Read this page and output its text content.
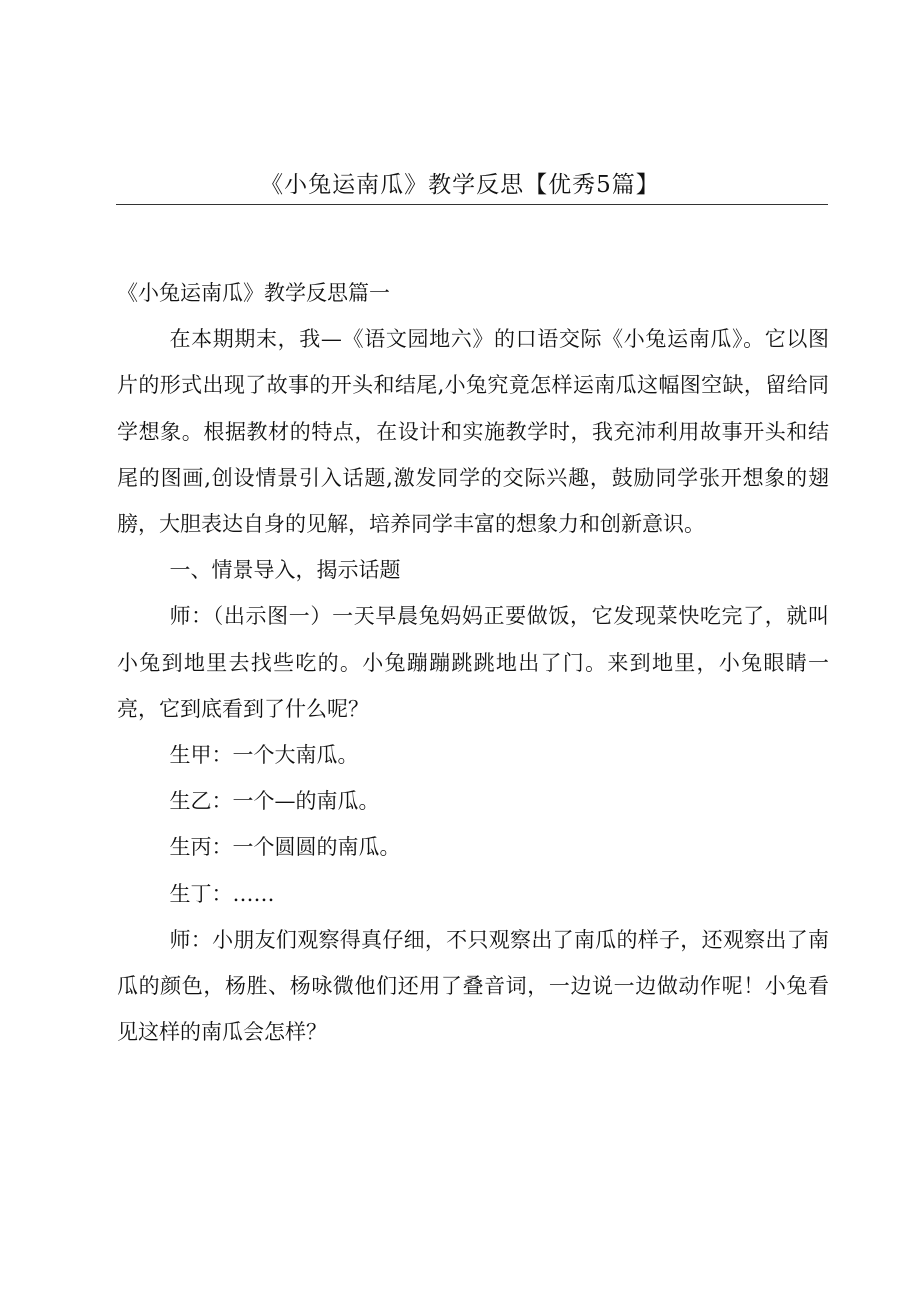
《小兔运南瓜》教学反思【优秀5篇】

《小兔运南瓜》教学反思篇一

在本期期末，我—《语文园地六》的口语交际《小兔运南瓜》。它以图片的形式出现了故事的开头和结尾,小兔究竟怎样运南瓜这幅图空缺，留给同学想象。根据教材的特点，在设计和实施教学时，我充沛利用故事开头和结尾的图画,创设情景引入话题,激发同学的交际兴趣，鼓励同学张开想象的翅膀，大胆表达自身的见解，培养同学丰富的想象力和创新意识。

一、情景导入，揭示话题

师：（出示图一）一天早晨兔妈妈正要做饭，它发现菜快吃完了，就叫小兔到地里去找些吃的。小兔蹦蹦跳跳地出了门。来到地里，小兔眼睛一亮，它到底看到了什么呢？

生甲：一个大南瓜。

生乙：一个—的南瓜。

生丙：一个圆圆的南瓜。

生丁：……

师：小朋友们观察得真仔细，不只观察出了南瓜的样子，还观察出了南瓜的颜色，杨胜、杨咏微他们还用了叠音词，一边说一边做动作呢！小兔看见这样的南瓜会怎样？
